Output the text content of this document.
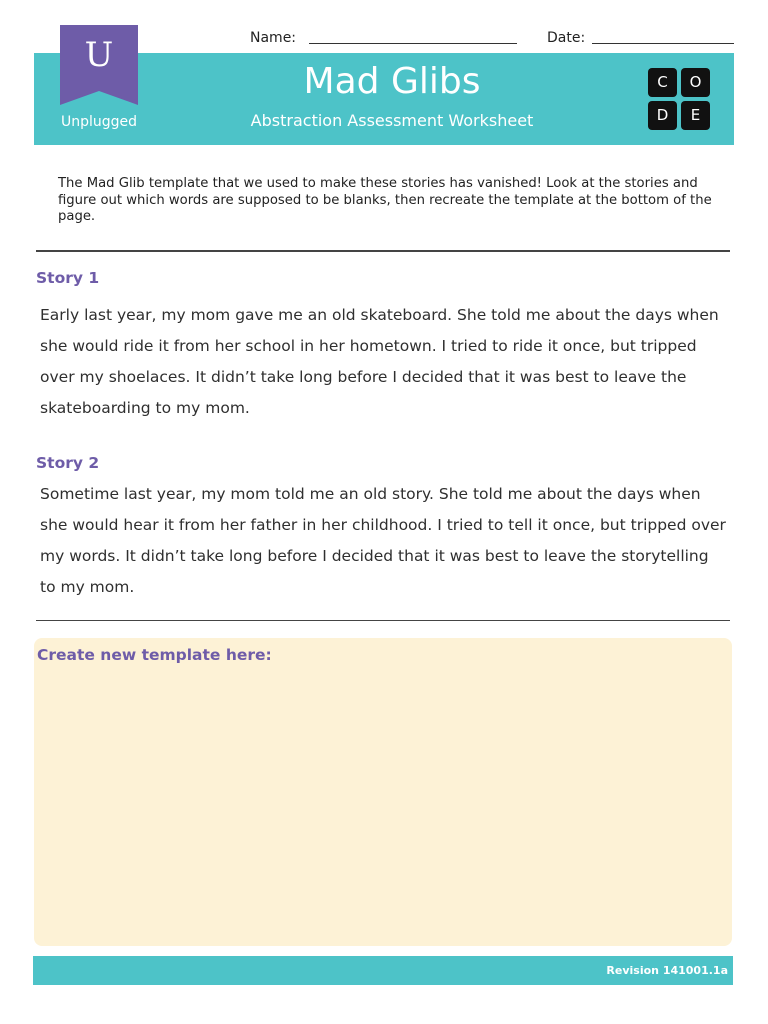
Name:	Date:
U
Unplugged
Mad Glibs
Abstraction Assessment Worksheet
C	O
D	E
The Mad Glib template that we used to make these stories has vanished! Look at the stories and figure out which words are supposed to be blanks, then recreate the template at the bottom of the page.
Story 1
Early last year, my mom gave me an old skateboard. She told me about the days when she would ride it from her school in her hometown. I tried to ride it once, but tripped over my shoelaces. It didn’t take long before I decided that it was best to leave the skateboarding to my mom.
Story 2
Sometime last year, my mom told me an old story. She told me about the days when she would hear it from her father in her childhood. I tried to tell it once, but tripped over my words. It didn’t take long before I decided that it was best to leave the storytelling to my mom.
Create new template here:
Revision 141001.1a
